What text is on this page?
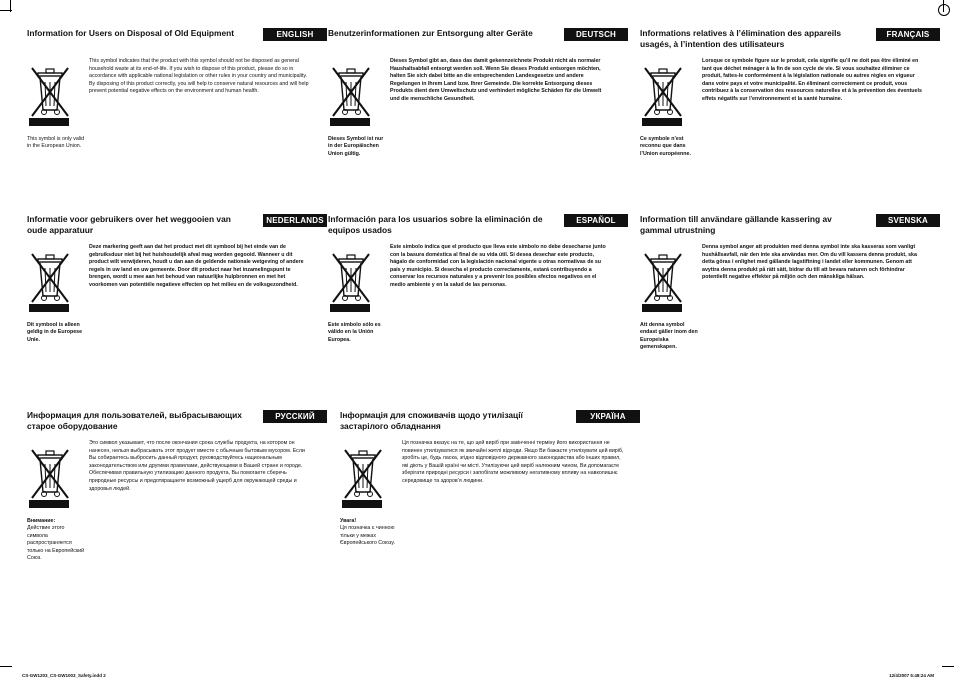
Information for Users on Disposal of Old Equipment	ENGLISH
This symbol is only valid in the European Union.
This symbol indicates that the product with this symbol should not be disposed as general household waste at its end-of-life. If you wish to dispose of this product, please do so in accordance with applicable national legislation or other rules in your country and municipality. By disposing of this product correctly, you will help to conserve natural resources and will help prevent potential negative effects on the environment and human health.
Benutzerinformationen zur Entsorgung alter Geräte	DEUTSCH
Dieses Symbol ist nur in der Europäischen Union gültig.
Dieses Symbol gibt an, dass das damit gekennzeichnete Produkt nicht als normaler Haushaltsabfall entsorgt werden soll. Wenn Sie dieses Produkt entsorgen möchten, halten Sie sich dabei bitte an die entsprechenden Landesgesetze und andere Regelungen in Ihrem Land bzw. Ihrer Gemeinde. Die korrekte Entsorgung dieses Produkts dient dem Umweltschutz und verhindert mögliche Schäden für die Umwelt und die menschliche Gesundheit.
Informations relatives à l’élimination des appareils usagés, à l’intention des utilisateurs
FRANÇAIS
Ce symbole n’est reconnu que dans l’Union européenne.
Lorsque ce symbole figure sur le produit, cela signifie qu’il ne doit pas être éliminé en tant que déchet ménager à la fin de son cycle de vie. Si vous souhaitez éliminer ce produit, faites-le conformément à la législation nationale ou autres règles en vigueur dans votre pays et votre municipalité. En éliminant correctement ce produit, vous contribuez à la conservation des ressources naturelles et à la prévention des éventuels effets négatifs sur l’environnement et la santé humaine.
Informatie voor gebruikers over het weggooien van oude apparatuur
NEDERLANDS
Dit symbool is alleen geldig in de Europese Unie.
Deze markering geeft aan dat het product met dit symbool bij het einde van de gebruiksduur niet bij het huishoudelijk afval mag worden gegooid. Wanneer u dit product wilt verwijderen, houdt u dan aan de geldende nationale wetgeving of andere regels in uw land en uw gemeente. Door dit product naar het inzamelingspunt te brengen, wordt u mee aan het behoud van natuurlijke hulpbronnen en met het voorkomen van potentiële negatieve effecten op het milieu en de volksgezondheid.
Información para los usuarios sobre la eliminación de equipos usados
ESPAÑOL
Este símbolo sólo es válido en la Unión Europea.
Este símbolo indica que el producto que lleva este símbolo no debe desecharse junto con la basura doméstica al final de su vida útil. Si desea desechar este producto, hágalo de conformidad con la legislación nacional vigente u otras normativas de su país y municipio. Si desecha el producto correctamente, estará contribuyendo a conservar los recursos naturales y a prevenir los posibles efectos negativos en el medio ambiente y en la salud de las personas.
Information till användare gällande kassering av gammal utrustning
SVENSKA
Att denna symbol endast gäller inom den Europeiska gemenskapen.
Denna symbol anger att produkten med denna symbol inte ska kasseras som vanligt hushållsavfall, när den inte ska användas mer. Om du vill kassera denna produkt, ska detta göras i enlighet med gällande lagstiftning i landet eller kommunen. Genom att avyttra denna produkt på rätt sätt, bidrar du till att bevara naturen och förhindrar potentiellt negative effekter på miljön och den mänskliga hälsan.
Информация для пользователей, выбрасывающих старое оборудование
РУССКИЙ
Внимание:
Действие этого символа распространяется только на Европейский Союз.
Это символ указывает, что после окончания срока службы продукта, на котором он нанесен, нельзя выбрасывать этот продукт вместе с обычным бытовым мусором. Если Вы собираетесь выбросить данный продукт, руководствуйтесь национальным законодательством или другими правилами, действующими в Вашей стране и городе. Обеспечивая правильную утилизацию данного продукта, Вы помогаете сберечь природные ресурсы и предотвращаете возможный ущерб для окружающей среды и здоровья людей.
Інформація для споживачів щодо утилізації застарілого обладнання
УКРАЇНА
Увага!
Ця позначка є чинною тільки у межах Європейського Союзу.
Ця позначка вказує на те, що цей виріб при закінченні терміну його використання не повинен утилізуватися як звичайні житлі відходи. Якщо Ви бажаєте утилізувати цей виріб, зробіть це, будь ласка, згідно відповідного державного законодавства або інших правил, які діють у Вашій країні чи місті. Утилізуючи цей виріб належним чином, Ви допомагаєте зберігати природні ресурси і запобігати можливому негативному впливу на навколишнє середовище та здоров’я людини.
CS-GW1203_CS-GW1003_Safety.indd 2	12/4/2007 5:48:24 AM
